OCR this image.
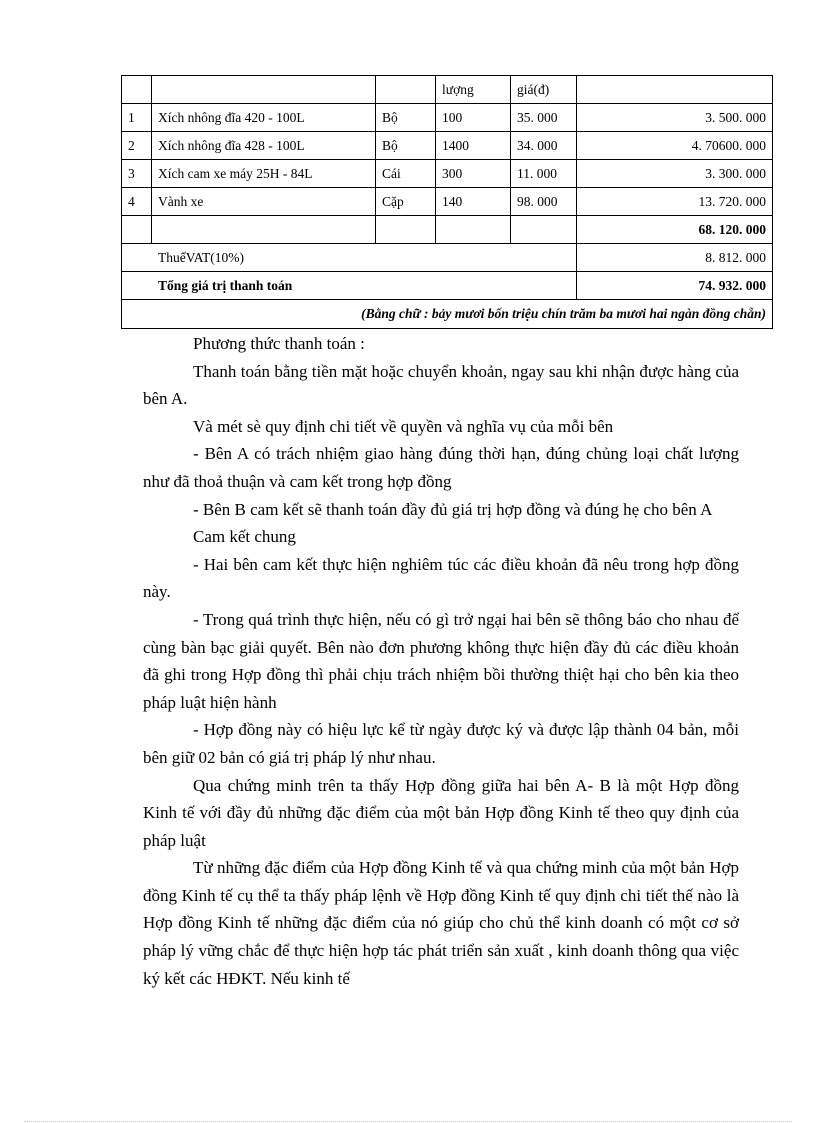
			lượng	giá(đ)	
1	Xích nhông đĩa 420 - 100L	Bộ	100	35. 000	3. 500. 000
2	Xích nhông đĩa 428 - 100L	Bộ	1400	34. 000	4. 70600. 000
3	Xích cam xe máy 25H - 84L	Cái	300	11. 000	3. 300. 000
4	Vành xe	Cặp	140	98. 000	13. 720. 000
					68. 120. 000
ThuếVAT(10%)					8. 812. 000
Tổng giá trị thanh toán					74. 932. 000
(Bằng chữ : bảy mươi bốn triệu chín trăm ba mươi hai ngàn đồng chẵn)					

Phương thức thanh toán :

Thanh toán bằng tiền mặt hoặc chuyển khoản, ngay sau khi nhận được hàng của bên A.

Và mét sè quy định chi tiết về quyền và nghĩa vụ của mỗi bên

- Bên A có trách nhiệm giao hàng đúng thời hạn, đúng chủng loại chất lượng như đã thoả thuận và cam kết trong hợp đồng

- Bên B cam kết sẽ thanh toán đầy đủ giá trị hợp đồng và đúng hẹ cho bên A

Cam kết chung

- Hai bên cam kết thực hiện nghiêm túc các điều khoản đã nêu trong hợp đồng này.

- Trong quá trình thực hiện, nếu có gì trở ngại hai bên sẽ thông báo cho nhau để cùng bàn bạc giải quyết. Bên nào đơn phương không thực hiện đầy đủ các điều khoản đã ghi trong Hợp đồng thì phải chịu trách nhiệm bồi thường thiệt hại cho bên kia theo pháp luật hiện hành

- Hợp đồng này có hiệu lực kể từ ngày được ký và được lập thành 04 bản, mỗi bên giữ 02 bản có giá trị pháp lý như nhau.

Qua chứng minh trên ta thấy Hợp đồng giữa hai bên A- B là một Hợp đồng Kinh tế với đầy đủ những đặc điểm của một bản Hợp đồng Kinh tế theo quy định của pháp luật

Từ những đặc điểm của Hợp đồng Kinh tế và qua chứng minh của một bản Hợp đồng Kinh tế cụ thể ta thấy pháp lệnh về Hợp đồng Kinh tế quy định chi tiết thế nào là Hợp đồng Kinh tế những đặc điểm của nó giúp cho chủ thể kinh doanh có một cơ sở pháp lý vững chắc để thực hiện hợp tác phát triển sản xuất , kinh doanh thông qua việc ký kết các HĐKT. Nếu kinh tế
